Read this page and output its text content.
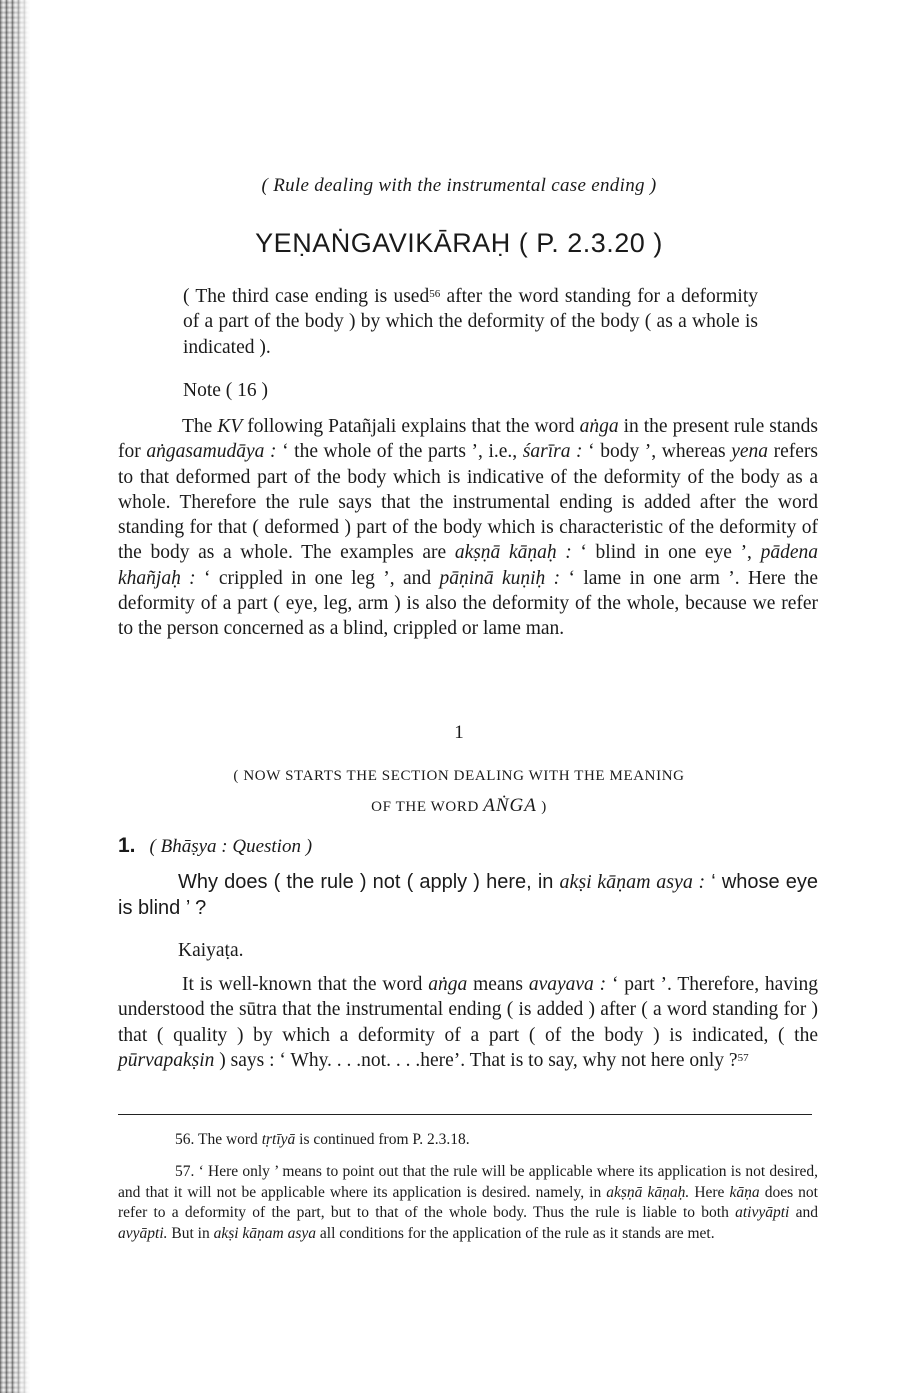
( Rule dealing with the instrumental case ending )
YEṆAṄGAVIKĀRAḤ ( P. 2.3.20 )
( The third case ending is used$^{56}$ after the word standing for a deformity of a part of the body ) by which the deformity of the body ( as a whole is indicated ).
Note ( 16 )

The KV following Patañjali explains that the word aṅga in the present rule stands for aṅgasamudāya : ‘ the whole of the parts ’, i.e., śarīra : ‘ body ’, whereas yena refers to that deformed part of the body which is indicative of the deformity of the body as a whole. Therefore the rule says that the instrumental ending is added after the word standing for that ( deformed ) part of the body which is characteristic of the deformity of the body as a whole. The examples are akṣṇā kāṇaḥ : ‘ blind in one eye ’, pādena khañjaḥ : ‘ crippled in one leg ’, and pāṇinā kuṇiḥ : ‘ lame in one arm ’. Here the deformity of a part ( eye, leg, arm ) is also the deformity of the whole, because we refer to the person concerned as a blind, crippled or lame man.

1
( NOW STARTS THE SECTION DEALING WITH THE MEANING
OF THE WORD AṄGA )
1. ( Bhāṣya : Question )
Why does ( the rule ) not ( apply ) here, in akṣi kāṇam asya : ‘ whose eye is blind ’ ?
Kaiyaṭa.

It is well-known that the word aṅga means avayava : ‘ part ’. Therefore, having understood the sūtra that the instrumental ending ( is added ) after ( a word standing for ) that ( quality ) by which a deformity of a part ( of the body ) is indicated, ( the pūrvapakṣin ) says : ‘ Why. . . .not. . . .here’. That is to say, why not here only ?$^{57}$

56. The word tṛtīyā is continued from P. 2.3.18.

57. ‘ Here only ’ means to point out that the rule will be applicable where its application is not desired, and that it will not be applicable where its application is desired. namely, in akṣṇā kāṇaḥ. Here kāṇa does not refer to a deformity of the part, but to that of the whole body. Thus the rule is liable to both ativyāpti and avyāpti. But in akṣi kāṇam asya all conditions for the application of the rule as it stands are met.
